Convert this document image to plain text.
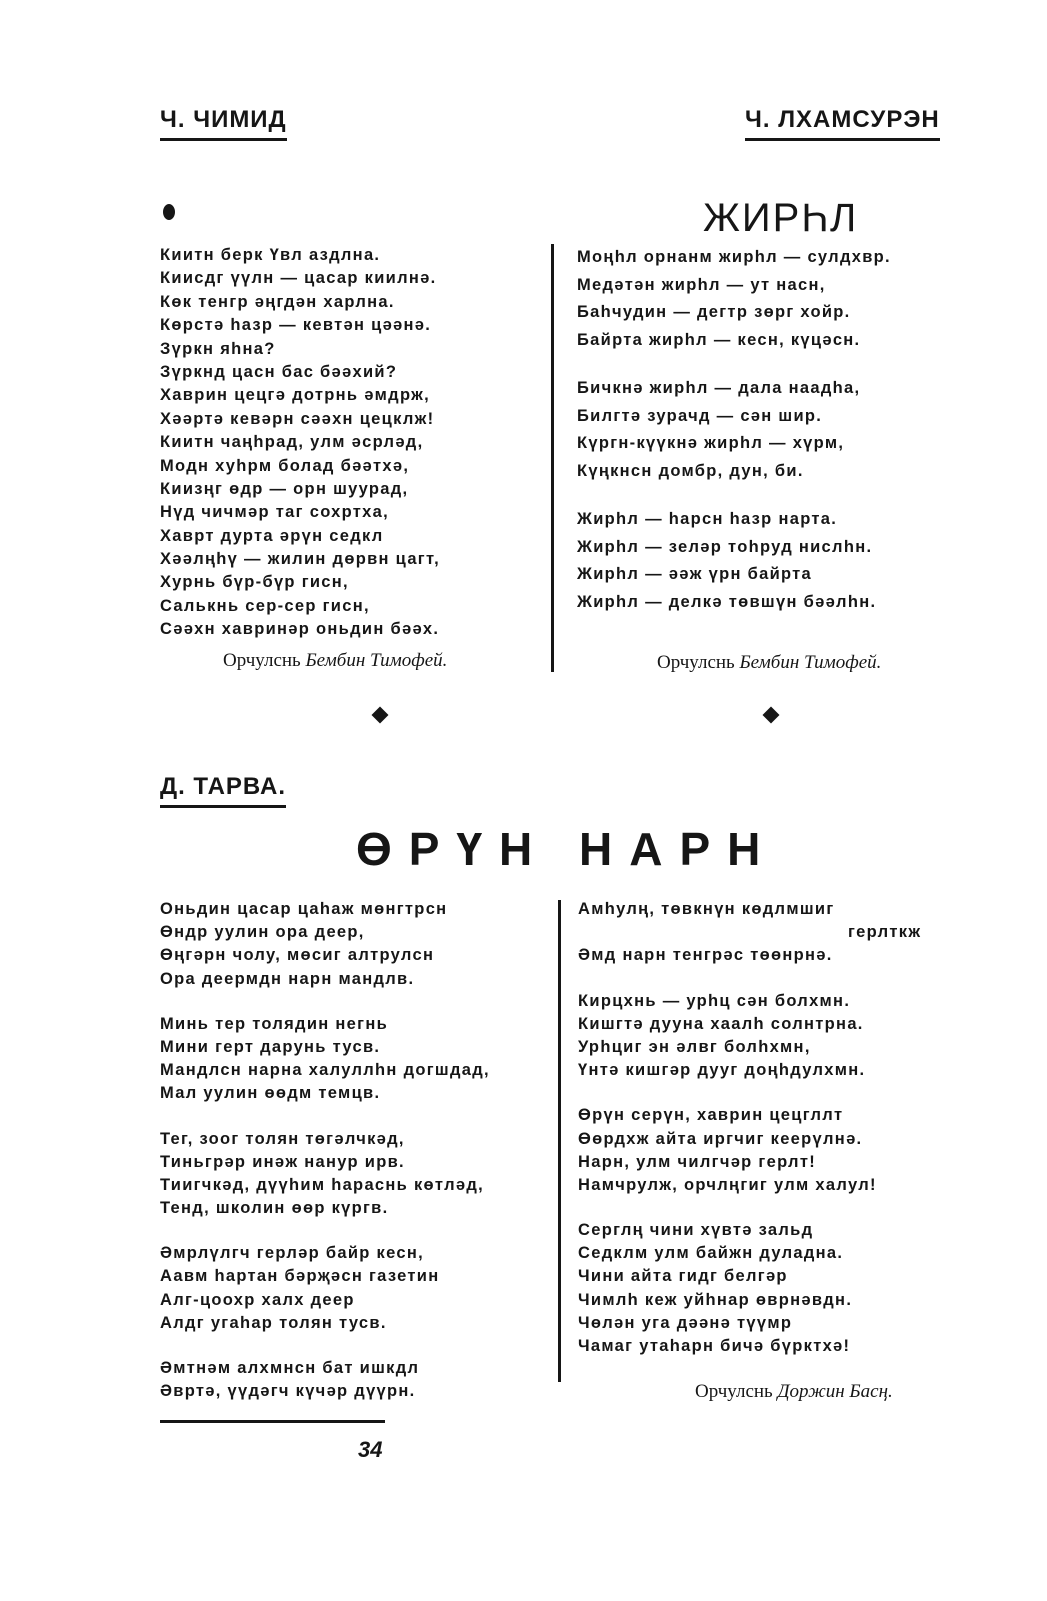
Ч. ЧИМИД	Ч. ЛХАМСУРЭН
Киитн берк Үвл аздлна.
Киисдг үүлн — цасар киилнә.
Көк тенгр әңгдән харлна.
Көрстә һазр — кевтән цәәнә.
Зүркн яһна?
Зүркнд цасн бас бәәхий?
Хаврин цецгә дотрнь әмдрж,
Хәәртә кевәрн сәәхн цецклж!
Киитн чаңһрад, улм әсрләд,
Модн хуһрм болад бәәтхә,
Киизңг өдр — орн шуурад,
Нүд чичмәр таг сохртха,
Хаврт дурта әрүн седкл
Хәәлңһү — жилин дөрвн цагт,
Хурнь бүр-бүр гисн,
Салькнь сер-сер гисн,
Сәәхн хавринәр оньдин бәәх.
Орчулснь Бембин Тимофей.
ЖИРҺЛ
Моңһл орнанм жирһл — сулдхвр.
Медәтән жирһл — ут насн,
Бaһчудин — дегтр зөрг хойр.
Байртa жирһл — кесн, күцәсн.
Бичкнә жирһл — дала наадһа,
Билгтә зурачд — сән шир.
Күргн-күүкнә жирһл — хүрм,
Күңкнсн домбр, дун, би.
Жирһл — һарсн һазр нарта.
Жирһл — зеләр тоһруд нислһн.
Жирһл — әәж үрн байртa
Жирһл — делкә төвшүн бәәлһн.
Орчулснь Бембин Тимофей.
Д. ТАРВА.
ӨРҮН НАРН
Оньдин цасар цаһаж мөнгтрсн
Өндр уулин ора деер,
Өңгәрн чолу, мөсиг алтрулсн
Ора деермдн нарн мандлв.
Минь тер толядин негнь
Мини герт дарунь тусв.
Мандлсн нарна халуллһн догшдад,
Мал уулин өөдм темцв.
Тег, зоог толян төгәлчкәд,
Тиньгрәр инәж нанур ирв.
Тиигчкәд, дүүһим һараснь көтләд,
Тенд, школин өөр күргв.
Әмрлүлгч герләр байр кесн,
Аавм һартан бәрҗәсн газетин
Алг-цоохр халх деер
Алдг угаһар толян тусв.
Әмтнәм алхмнсн бат ишкдл
Әвртә, үүдәгч күчәр дүүрн.
Амһулң, төвкнүн көдлмшиг
герлткж
Әмд нарн тенгрәс төөнрнә.
Кирцхнь — урһц сән болхмн.
Кишгтә дууна хаалһ солнтрна.
Урһциг эн әлвг болһхмн,
Үнтә кишгәр дууг доңһдулхмн.
Өрүн серүн, хаврин цецгллт
Өөрдхж айта иргчиг кеерүлнә.
Нарн, улм чилгчәр герлт!
Намчрулж, орчлңгиг улм халул!
Серглң чини хүвтә зальд
Седклм улм байжн дуладна.
Чини айта гидг белгәр
Чимлһ кеж уйһнар өврнәвдн.
Чөлән уга дәәнә түүмр
Чамаг утаһарн бичә бүрктхә!
Орчулснь Доржин Басң.
34
